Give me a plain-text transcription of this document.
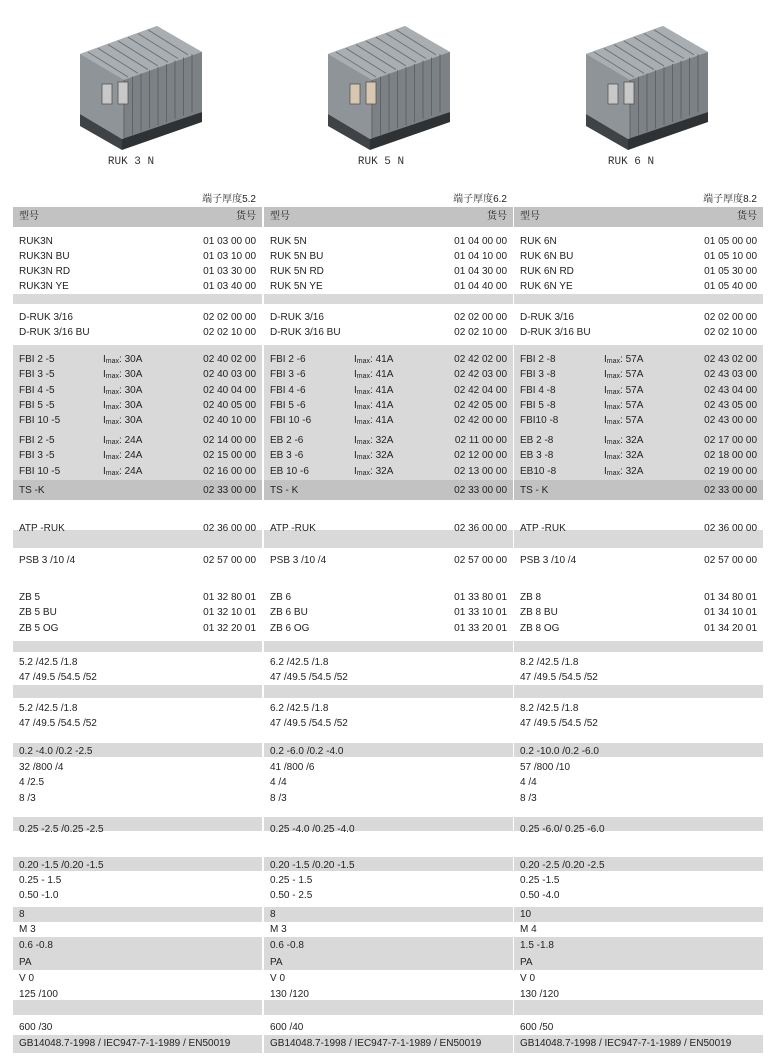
RUK 3 N	RUK 5 N	RUK 6 N
端子厚度5.2
型号	货号
RUK3N	01 03 00 00
RUK3N BU	01 03 10 00
RUK3N RD	01 03 30 00
RUK3N YE	01 03 40 00
D-RUK 3/16	02 02 00 00
D-RUK 3/16 BU	02 02 10 00
FBI 2 -5	$I_{max}$: 30A	02 40 02 00
FBI 3 -5	$I_{max}$: 30A	02 40 03 00
FBI 4 -5	$I_{max}$: 30A	02 40 04 00
FBI 5 -5	$I_{max}$: 30A	02 40 05 00
FBI 10 -5	$I_{max}$: 30A	02 40 10 00
FBI 2 -5	$I_{max}$: 24A	02 14 00 00
FBI 3 -5	$I_{max}$: 24A	02 15 00 00
FBI 10 -5	$I_{max}$: 24A	02 16 00 00
TS -K	02 33 00 00
ATP -RUK	02 36 00 00
PSB 3 /10 /4	02 57 00 00
ZB 5	01 32 80 01
ZB 5 BU	01 32 10 01
ZB 5 OG	01 32 20 01
5.2 /42.5 /1.8
47 /49.5 /54.5 /52
5.2 /42.5 /1.8
47 /49.5 /54.5 /52
0.2 -4.0 /0.2 -2.5
32 /800 /4
4 /2.5
8 /3
0.25 -2.5 /0.25 -2.5
0.20 -1.5 /0.20 -1.5
0.25 - 1.5
0.50 -1.0
8
M 3
0.6 -0.8
PA
V 0
125 /100
600 /30
GB14048.7-1998 / IEC947-7-1-1989 / EN50019
端子厚度6.2
型号	货号
RUK 5N	01 04 00 00
RUK 5N BU	01 04 10 00
RUK 5N RD	01 04 30 00
RUK 5N YE	01 04 40 00
D-RUK 3/16	02 02 00 00
D-RUK 3/16 BU	02 02 10 00
FBI 2 -6	$I_{max}$: 41A	02 42 02 00
FBI 3 -6	$I_{max}$: 41A	02 42 03 00
FBI 4 -6	$I_{max}$: 41A	02 42 04 00
FBI 5 -6	$I_{max}$: 41A	02 42 05 00
FBI 10 -6	$I_{max}$: 41A	02 42 00 00
EB 2 -6	$I_{max}$: 32A	02 11 00 00
EB 3 -6	$I_{max}$: 32A	02 12 00 00
EB 10 -6	$I_{max}$: 32A	02 13 00 00
TS - K	02 33 00 00
ATP -RUK	02 36 00 00
PSB 3 /10 /4	02 57 00 00
ZB 6	01 33 80 01
ZB 6 BU	01 33 10 01
ZB 6 OG	01 33 20 01
6.2 /42.5 /1.8
47 /49.5 /54.5 /52
6.2 /42.5 /1.8
47 /49.5 /54.5 /52
0.2 -6.0 /0.2 -4.0
41 /800 /6
4 /4
8 /3
0.25 -4.0 /0.25 -4.0
0.20 -1.5 /0.20 -1.5
0.25 - 1.5
0.50 - 2.5
8
M 3
0.6 -0.8
PA
V 0
130 /120
600 /40
GB14048.7-1998 / IEC947-7-1-1989 / EN50019
端子厚度8.2
型号	货号
RUK 6N	01 05 00 00
RUK 6N BU	01 05 10 00
RUK 6N RD	01 05 30 00
RUK 6N YE	01 05 40 00
D-RUK 3/16	02 02 00 00
D-RUK 3/16 BU	02 02 10 00
FBI 2 -8	$I_{max}$: 57A	02 43 02 00
FBI 3 -8	$I_{max}$: 57A	02 43 03 00
FBI 4 -8	$I_{max}$: 57A	02 43 04 00
FBI 5 -8	$I_{max}$: 57A	02 43 05 00
FBI10 -8	$I_{max}$: 57A	02 43 00 00
EB 2 -8	$I_{max}$: 32A	02 17 00 00
EB 3 -8	$I_{max}$: 32A	02 18 00 00
EB10 -8	$I_{max}$: 32A	02 19 00 00
TS - K	02 33 00 00
ATP -RUK	02 36 00 00
PSB 3 /10 /4	02 57 00 00
ZB 8	01 34 80 01
ZB 8 BU	01 34 10 01
ZB 8 OG	01 34 20 01
8.2 /42.5 /1.8
47 /49.5 /54.5 /52
8.2 /42.5 /1.8
47 /49.5 /54.5 /52
0.2 -10.0 /0.2 -6.0
57 /800 /10
4 /4
8 /3
0.25 -6.0/ 0.25 -6.0
0.20 -2.5 /0.20 -2.5
0.25 -1.5
0.50 -4.0
10
M 4
1.5 -1.8
PA
V 0
130 /120
600 /50
GB14048.7-1998 / IEC947-7-1-1989 / EN50019
